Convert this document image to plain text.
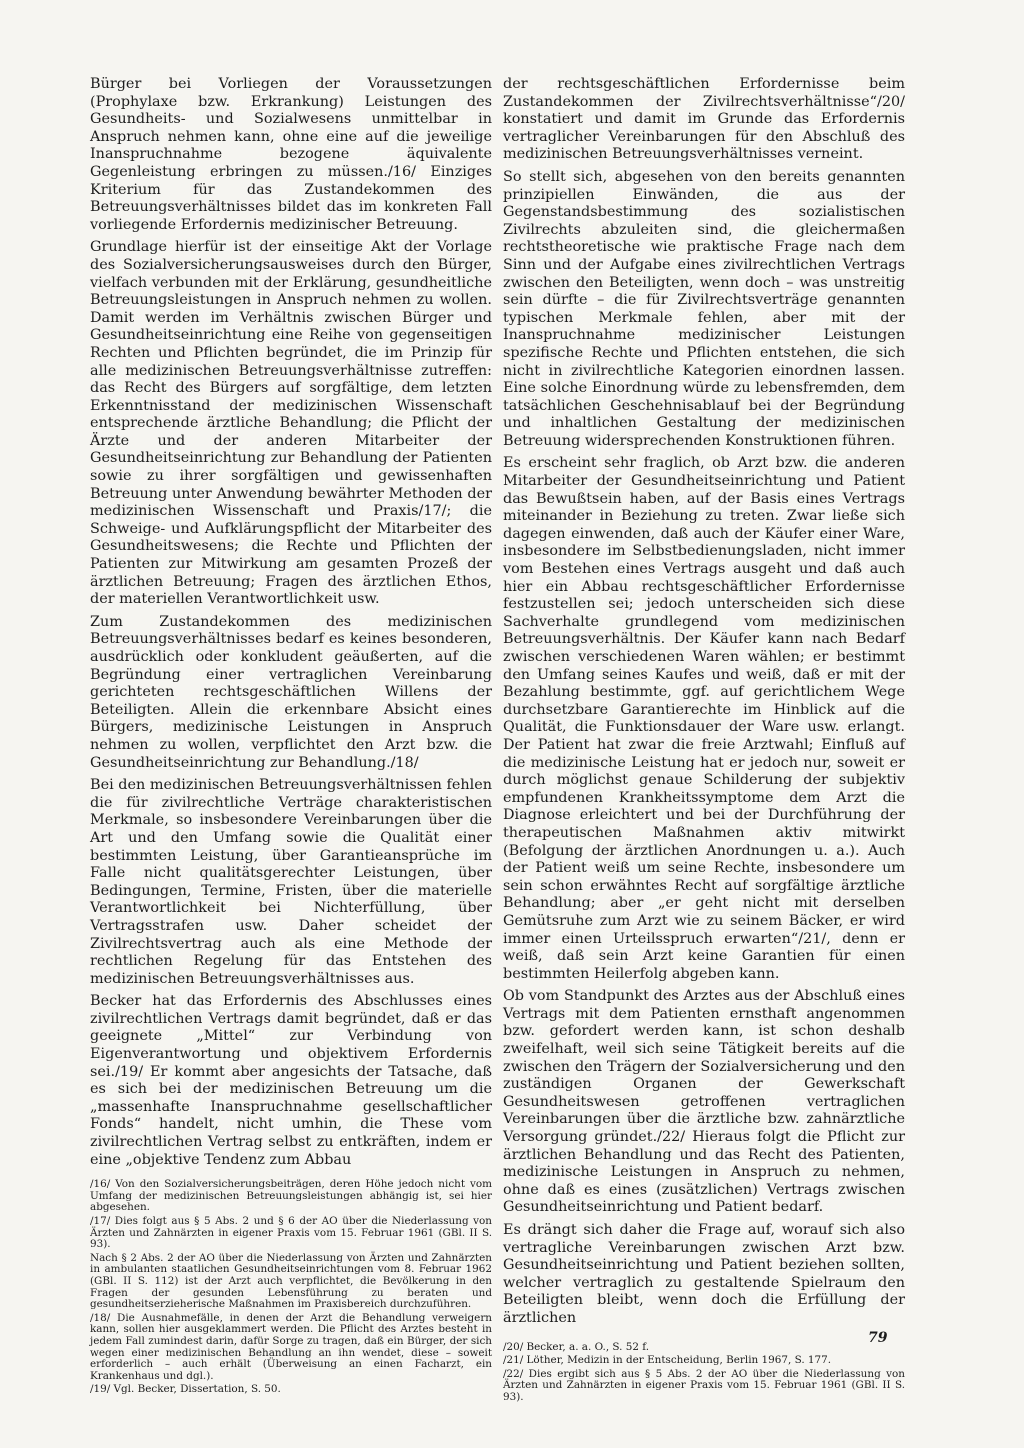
Bürger bei Vorliegen der Voraussetzungen (Prophylaxe bzw. Erkrankung) Leistungen des Gesundheits- und Sozialwesens unmittelbar in Anspruch nehmen kann, ohne eine auf die jeweilige Inanspruchnahme bezogene äquivalente Gegenleistung erbringen zu müssen./16/ Einziges Kriterium für das Zustandekommen des Betreuungsverhältnisses bildet das im konkreten Fall vorliegende Erfordernis medizinischer Betreuung.

Grundlage hierfür ist der einseitige Akt der Vorlage des Sozialversicherungsausweises durch den Bürger, vielfach verbunden mit der Erklärung, gesundheitliche Betreuungsleistungen in Anspruch nehmen zu wollen. Damit werden im Verhältnis zwischen Bürger und Gesundheitseinrichtung eine Reihe von gegenseitigen Rechten und Pflichten begründet, die im Prinzip für alle medizinischen Betreuungsverhältnisse zutreffen: das Recht des Bürgers auf sorgfältige, dem letzten Erkenntnisstand der medizinischen Wissenschaft entsprechende ärztliche Behandlung; die Pflicht der Ärzte und der anderen Mitarbeiter der Gesundheitseinrichtung zur Behandlung der Patienten sowie zu ihrer sorgfältigen und gewissenhaften Betreuung unter Anwendung bewährter Methoden der medizinischen Wissenschaft und Praxis/17/; die Schweige- und Aufklärungspflicht der Mitarbeiter des Gesundheitswesens; die Rechte und Pflichten der Patienten zur Mitwirkung am gesamten Prozeß der ärztlichen Betreuung; Fragen des ärztlichen Ethos, der materiellen Verantwortlichkeit usw.

Zum Zustandekommen des medizinischen Betreuungsverhältnisses bedarf es keines besonderen, ausdrücklich oder konkludent geäußerten, auf die Begründung einer vertraglichen Vereinbarung gerichteten rechtsgeschäftlichen Willens der Beteiligten. Allein die erkennbare Absicht eines Bürgers, medizinische Leistungen in Anspruch nehmen zu wollen, verpflichtet den Arzt bzw. die Gesundheitseinrichtung zur Behandlung./18/

Bei den medizinischen Betreuungsverhältnissen fehlen die für zivilrechtliche Verträge charakteristischen Merkmale, so insbesondere Vereinbarungen über die Art und den Umfang sowie die Qualität einer bestimmten Leistung, über Garantieansprüche im Falle nicht qualitätsgerechter Leistungen, über Bedingungen, Termine, Fristen, über die materielle Verantwortlichkeit bei Nichterfüllung, über Vertragsstrafen usw. Daher scheidet der Zivilrechtsvertrag auch als eine Methode der rechtlichen Regelung für das Entstehen des medizinischen Betreuungsverhältnisses aus.

Becker hat das Erfordernis des Abschlusses eines zivilrechtlichen Vertrags damit begründet, daß er das geeignete „Mittel“ zur Verbindung von Eigenverantwortung und objektivem Erfordernis sei./19/ Er kommt aber angesichts der Tatsache, daß es sich bei der medizinischen Betreuung um die „massenhafte Inanspruchnahme gesellschaftlicher Fonds“ handelt, nicht umhin, die These vom zivilrechtlichen Vertrag selbst zu entkräften, indem er eine „objektive Tendenz zum Abbau

/16/ Von den Sozialversicherungsbeiträgen, deren Höhe jedoch nicht vom Umfang der medizinischen Betreuungsleistungen abhängig ist, sei hier abgesehen.

/17/ Dies folgt aus § 5 Abs. 2 und § 6 der AO über die Niederlassung von Ärzten und Zahnärzten in eigener Praxis vom 15. Februar 1961 (GBl. II S. 93).

Nach § 2 Abs. 2 der AO über die Niederlassung von Ärzten und Zahnärzten in ambulanten staatlichen Gesundheitseinrichtungen vom 8. Februar 1962 (GBl. II S. 112) ist der Arzt auch verpflichtet, die Bevölkerung in den Fragen der gesunden Lebensführung zu beraten und gesundheitserzieherische Maßnahmen im Praxisbereich durchzuführen.

/18/ Die Ausnahmefälle, in denen der Arzt die Behandlung verweigern kann, sollen hier ausgeklammert werden. Die Pflicht des Arztes besteht in jedem Fall zumindest darin, dafür Sorge zu tragen, daß ein Bürger, der sich wegen einer medizinischen Behandlung an ihn wendet, diese – soweit erforderlich – auch erhält (Überweisung an einen Facharzt, ein Krankenhaus und dgl.).

/19/ Vgl. Becker, Dissertation, S. 50.

der rechtsgeschäftlichen Erfordernisse beim Zustandekommen der Zivilrechtsverhältnisse“/20/ konstatiert und damit im Grunde das Erfordernis vertraglicher Vereinbarungen für den Abschluß des medizinischen Betreuungsverhältnisses verneint.

So stellt sich, abgesehen von den bereits genannten prinzipiellen Einwänden, die aus der Gegenstandsbestimmung des sozialistischen Zivilrechts abzuleiten sind, die gleichermaßen rechtstheoretische wie praktische Frage nach dem Sinn und der Aufgabe eines zivilrechtlichen Vertrags zwischen den Beteiligten, wenn doch – was unstreitig sein dürfte – die für Zivilrechtsverträge genannten typischen Merkmale fehlen, aber mit der Inanspruchnahme medizinischer Leistungen spezifische Rechte und Pflichten entstehen, die sich nicht in zivilrechtliche Kategorien einordnen lassen. Eine solche Einordnung würde zu lebensfremden, dem tatsächlichen Geschehnisablauf bei der Begründung und inhaltlichen Gestaltung der medizinischen Betreuung widersprechenden Konstruktionen führen.

Es erscheint sehr fraglich, ob Arzt bzw. die anderen Mitarbeiter der Gesundheitseinrichtung und Patient das Bewußtsein haben, auf der Basis eines Vertrags miteinander in Beziehung zu treten. Zwar ließe sich dagegen einwenden, daß auch der Käufer einer Ware, insbesondere im Selbstbedienungsladen, nicht immer vom Bestehen eines Vertrags ausgeht und daß auch hier ein Abbau rechtsgeschäftlicher Erfordernisse festzustellen sei; jedoch unterscheiden sich diese Sachverhalte grundlegend vom medizinischen Betreuungsverhältnis. Der Käufer kann nach Bedarf zwischen verschiedenen Waren wählen; er bestimmt den Umfang seines Kaufes und weiß, daß er mit der Bezahlung bestimmte, ggf. auf gerichtlichem Wege durchsetzbare Garantierechte im Hinblick auf die Qualität, die Funktionsdauer der Ware usw. erlangt. Der Patient hat zwar die freie Arztwahl; Einfluß auf die medizinische Leistung hat er jedoch nur, soweit er durch möglichst genaue Schilderung der subjektiv empfundenen Krankheitssymptome dem Arzt die Diagnose erleichtert und bei der Durchführung der therapeutischen Maßnahmen aktiv mitwirkt (Befolgung der ärztlichen Anordnungen u. a.). Auch der Patient weiß um seine Rechte, insbesondere um sein schon erwähntes Recht auf sorgfältige ärztliche Behandlung; aber „er geht nicht mit derselben Gemütsruhe zum Arzt wie zu seinem Bäcker, er wird immer einen Urteilsspruch erwarten“/21/, denn er weiß, daß sein Arzt keine Garantien für einen bestimmten Heilerfolg abgeben kann.

Ob vom Standpunkt des Arztes aus der Abschluß eines Vertrags mit dem Patienten ernsthaft angenommen bzw. gefordert werden kann, ist schon deshalb zweifelhaft, weil sich seine Tätigkeit bereits auf die zwischen den Trägern der Sozialversicherung und den zuständigen Organen der Gewerkschaft Gesundheitswesen getroffenen vertraglichen Vereinbarungen über die ärztliche bzw. zahnärztliche Versorgung gründet./22/ Hieraus folgt die Pflicht zur ärztlichen Behandlung und das Recht des Patienten, medizinische Leistungen in Anspruch zu nehmen, ohne daß es eines (zusätzlichen) Vertrags zwischen Gesundheitseinrichtung und Patient bedarf.

Es drängt sich daher die Frage auf, worauf sich also vertragliche Vereinbarungen zwischen Arzt bzw. Gesundheitseinrichtung und Patient beziehen sollten, welcher vertraglich zu gestaltende Spielraum den Beteiligten bleibt, wenn doch die Erfüllung der ärztlichen

/20/ Becker, a. a. O., S. 52 f.

/21/ Löther, Medizin in der Entscheidung, Berlin 1967, S. 177.

/22/ Dies ergibt sich aus § 5 Abs. 2 der AO über die Niederlassung von Ärzten und Zahnärzten in eigener Praxis vom 15. Februar 1961 (GBl. II S. 93).

79
